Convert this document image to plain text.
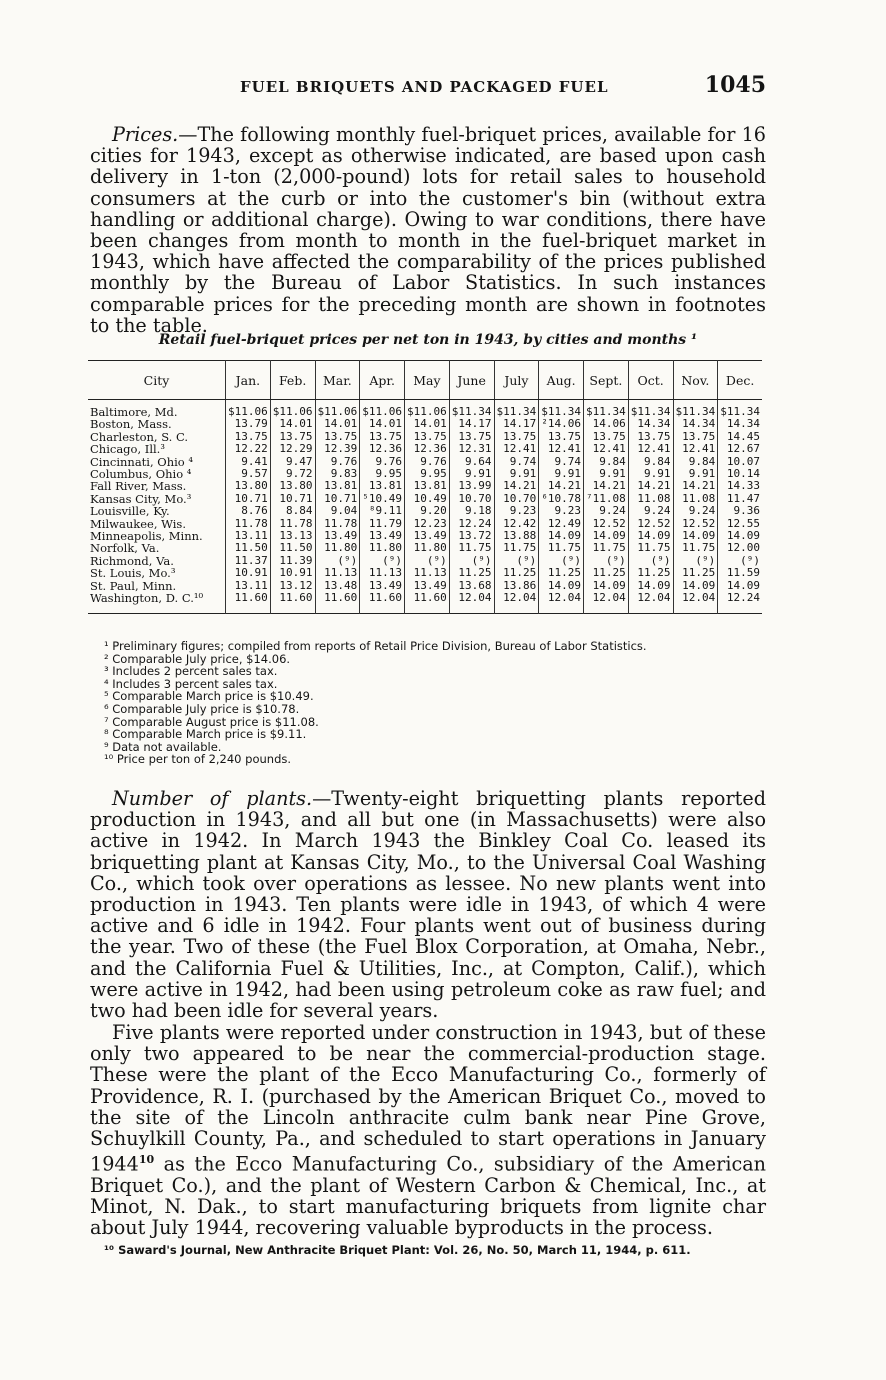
FUEL BRIQUETS AND PACKAGED FUEL	1045

Prices.—The following monthly fuel-briquet prices, available for 16 cities for 1943, except as otherwise indicated, are based upon cash delivery in 1-ton (2,000-pound) lots for retail sales to household consumers at the curb or into the customer's bin (without extra handling or additional charge). Owing to war conditions, there have been changes from month to month in the fuel-briquet market in 1943, which have affected the comparability of the prices published monthly by the Bureau of Labor Statistics. In such instances comparable prices for the preceding month are shown in footnotes to the table.

Retail fuel-briquet prices per net ton in 1943, by cities and months ¹
City	Jan.	Feb.	Mar.	Apr.	May	June	July	Aug.	Sept.	Oct.	Nov.	Dec.

Baltimore, Md.	$11.06	$11.06	$11.06	$11.06	$11.06	$11.34	$11.34	$11.34	$11.34	$11.34	$11.34	$11.34
Boston, Mass.	13.79	14.01	14.01	14.01	14.01	14.17	14.17	²14.06	14.06	14.34	14.34	14.34
Charleston, S. C.	13.75	13.75	13.75	13.75	13.75	13.75	13.75	13.75	13.75	13.75	13.75	14.45
Chicago, Ill.³	12.22	12.29	12.39	12.36	12.36	12.31	12.41	12.41	12.41	12.41	12.41	12.67
Cincinnati, Ohio ⁴	9.41	9.47	9.76	9.76	9.76	9.64	9.74	9.74	9.84	9.84	9.84	10.07
Columbus, Ohio ⁴	9.57	9.72	9.83	9.95	9.95	9.91	9.91	9.91	9.91	9.91	9.91	10.14
Fall River, Mass.	13.80	13.80	13.81	13.81	13.81	13.99	14.21	14.21	14.21	14.21	14.21	14.33
Kansas City, Mo.³	10.71	10.71	10.71	⁵10.49	10.49	10.70	10.70	⁶10.78	⁷11.08	11.08	11.08	11.47
Louisville, Ky.	8.76	8.84	9.04	⁸9.11	9.20	9.18	9.23	9.23	9.24	9.24	9.24	9.36
Milwaukee, Wis.	11.78	11.78	11.78	11.79	12.23	12.24	12.42	12.49	12.52	12.52	12.52	12.55
Minneapolis, Minn.	13.11	13.13	13.49	13.49	13.49	13.72	13.88	14.09	14.09	14.09	14.09	14.09
Norfolk, Va.	11.50	11.50	11.80	11.80	11.80	11.75	11.75	11.75	11.75	11.75	11.75	12.00
Richmond, Va.	11.37	11.39	(⁹)	(⁹)	(⁹)	(⁹)	(⁹)	(⁹)	(⁹)	(⁹)	(⁹)	(⁹)
St. Louis, Mo.³	10.91	10.91	11.13	11.13	11.13	11.25	11.25	11.25	11.25	11.25	11.25	11.59
St. Paul, Minn.	13.11	13.12	13.48	13.49	13.49	13.68	13.86	14.09	14.09	14.09	14.09	14.09
Washington, D. C.¹⁰	11.60	11.60	11.60	11.60	11.60	12.04	12.04	12.04	12.04	12.04	12.04	12.24

¹ Preliminary figures; compiled from reports of Retail Price Division, Bureau of Labor Statistics.
² Comparable July price, $14.06.
³ Includes 2 percent sales tax.
⁴ Includes 3 percent sales tax.
⁵ Comparable March price is $10.49.
⁶ Comparable July price is $10.78.
⁷ Comparable August price is $11.08.
⁸ Comparable March price is $9.11.
⁹ Data not available.
¹⁰ Price per ton of 2,240 pounds.

Number of plants.—Twenty-eight briquetting plants reported production in 1943, and all but one (in Massachusetts) were also active in 1942. In March 1943 the Binkley Coal Co. leased its briquetting plant at Kansas City, Mo., to the Universal Coal Washing Co., which took over operations as lessee. No new plants went into production in 1943. Ten plants were idle in 1943, of which 4 were active and 6 idle in 1942. Four plants went out of business during the year. Two of these (the Fuel Blox Corporation, at Omaha, Nebr., and the California Fuel & Utilities, Inc., at Compton, Calif.), which were active in 1942, had been using petroleum coke as raw fuel; and two had been idle for several years.

Five plants were reported under construction in 1943, but of these only two appeared to be near the commercial-production stage. These were the plant of the Ecco Manufacturing Co., formerly of Providence, R. I. (purchased by the American Briquet Co., moved to the site of the Lincoln anthracite culm bank near Pine Grove, Schuylkill County, Pa., and scheduled to start operations in January 1944$^{10}$ as the Ecco Manufacturing Co., subsidiary of the American Briquet Co.), and the plant of Western Carbon & Chemical, Inc., at Minot, N. Dak., to start manufacturing briquets from lignite char about July 1944, recovering valuable byproducts in the process.

¹⁰ Saward's Journal, New Anthracite Briquet Plant: Vol. 26, No. 50, March 11, 1944, p. 611.
